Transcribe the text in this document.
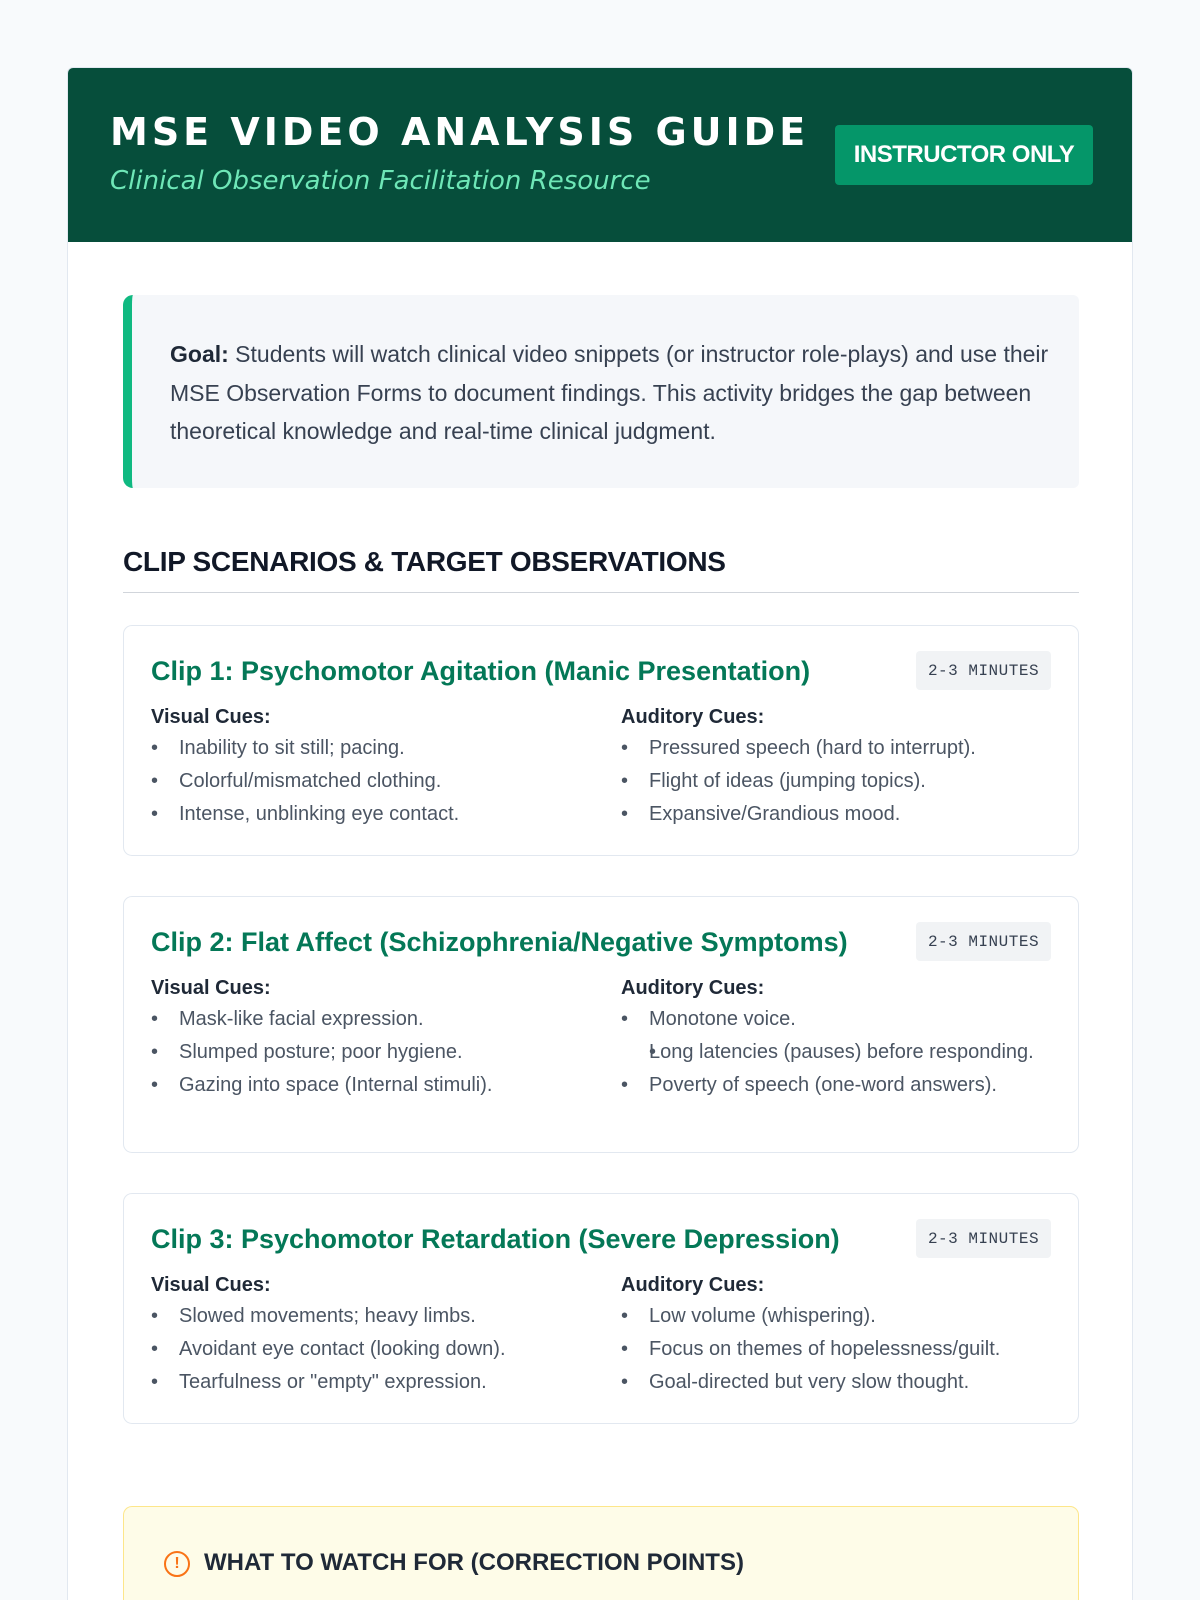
MSE VIDEO ANALYSIS GUIDE
Clinical Observation Facilitation Resource
INSTRUCTOR ONLY
Goal: Students will watch clinical video snippets (or instructor role-plays) and use their MSE Observation Forms to document findings. This activity bridges the gap between theoretical knowledge and real-time clinical judgment.
CLIP SCENARIOS & TARGET OBSERVATIONS
Clip 1: Psychomotor Agitation (Manic Presentation)	2-3 MINUTES
Visual Cues:
• Inability to sit still; pacing.
• Colorful/mismatched clothing.
• Intense, unblinking eye contact.
Auditory Cues:
• Pressured speech (hard to interrupt).
• Flight of ideas (jumping topics).
• Expansive/Grandious mood.
Clip 2: Flat Affect (Schizophrenia/Negative Symptoms)	2-3 MINUTES
Visual Cues:
• Mask-like facial expression.
• Slumped posture; poor hygiene.
• Gazing into space (Internal stimuli).
Auditory Cues:
• Monotone voice.
• Long latencies (pauses) before responding.
• Poverty of speech (one-word answers).
Clip 3: Psychomotor Retardation (Severe Depression)	2-3 MINUTES
Visual Cues:
• Slowed movements; heavy limbs.
• Avoidant eye contact (looking down).
• Tearfulness or "empty" expression.
Auditory Cues:
• Low volume (whispering).
• Focus on themes of hopelessness/guilt.
• Goal-directed but very slow thought.
!	WHAT TO WATCH FOR (CORRECTION POINTS)
